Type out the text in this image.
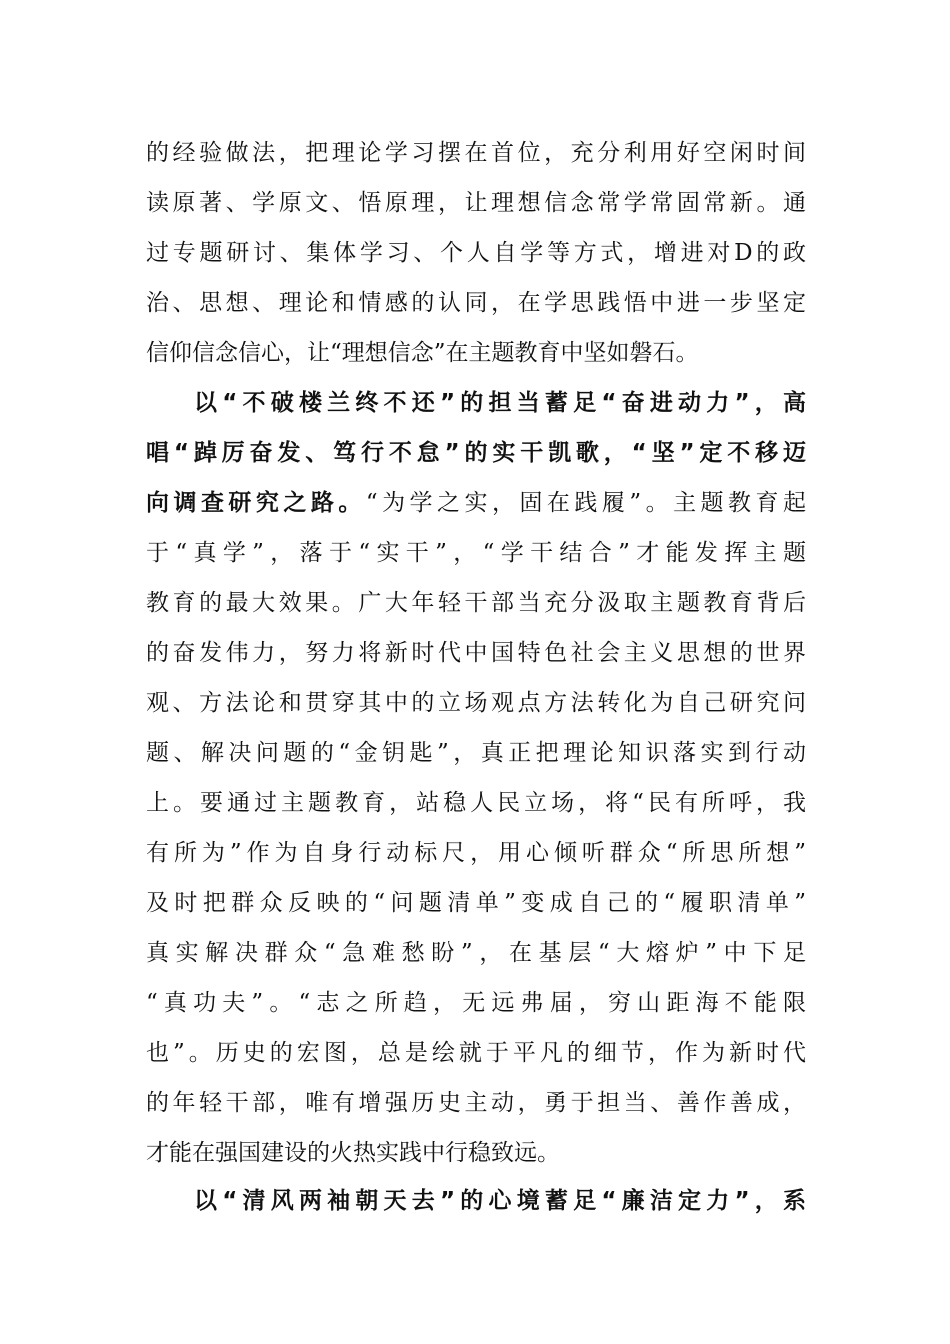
的经验做法，把理论学习摆在首位，充分利用好空闲时间
读原著、学原文、悟原理，让理想信念常学常固常新。通
过专题研讨、集体学习、个人自学等方式，增进对D的政
治、思想、理论和情感的认同，在学思践悟中进一步坚定
信仰信念信心，让“理想信念”在主题教育中坚如磐石。
以“不破楼兰终不还”的担当蓄足“奋进动力”，高
唱“踔厉奋发、笃行不怠”的实干凯歌，“坚”定不移迈
向调查研究之路。“为学之实，固在践履”。主题教育起
于“真学”，落于“实干”，“学干结合”才能发挥主题
教育的最大效果。广大年轻干部当充分汲取主题教育背后
的奋发伟力，努力将新时代中国特色社会主义思想的世界
观、方法论和贯穿其中的立场观点方法转化为自己研究问
题、解决问题的“金钥匙”，真正把理论知识落实到行动
上。要通过主题教育，站稳人民立场，将“民有所呼，我
有所为”作为自身行动标尺，用心倾听群众“所思所想”
及时把群众反映的“问题清单”变成自己的“履职清单”
真实解决群众“急难愁盼”，在基层“大熔炉”中下足
“真功夫”。“志之所趋，无远弗届，穷山距海不能限
也”。历史的宏图，总是绘就于平凡的细节，作为新时代
的年轻干部，唯有增强历史主动，勇于担当、善作善成，
才能在强国建设的火热实践中行稳致远。
以“清风两袖朝天去”的心境蓄足“廉洁定力”，系
